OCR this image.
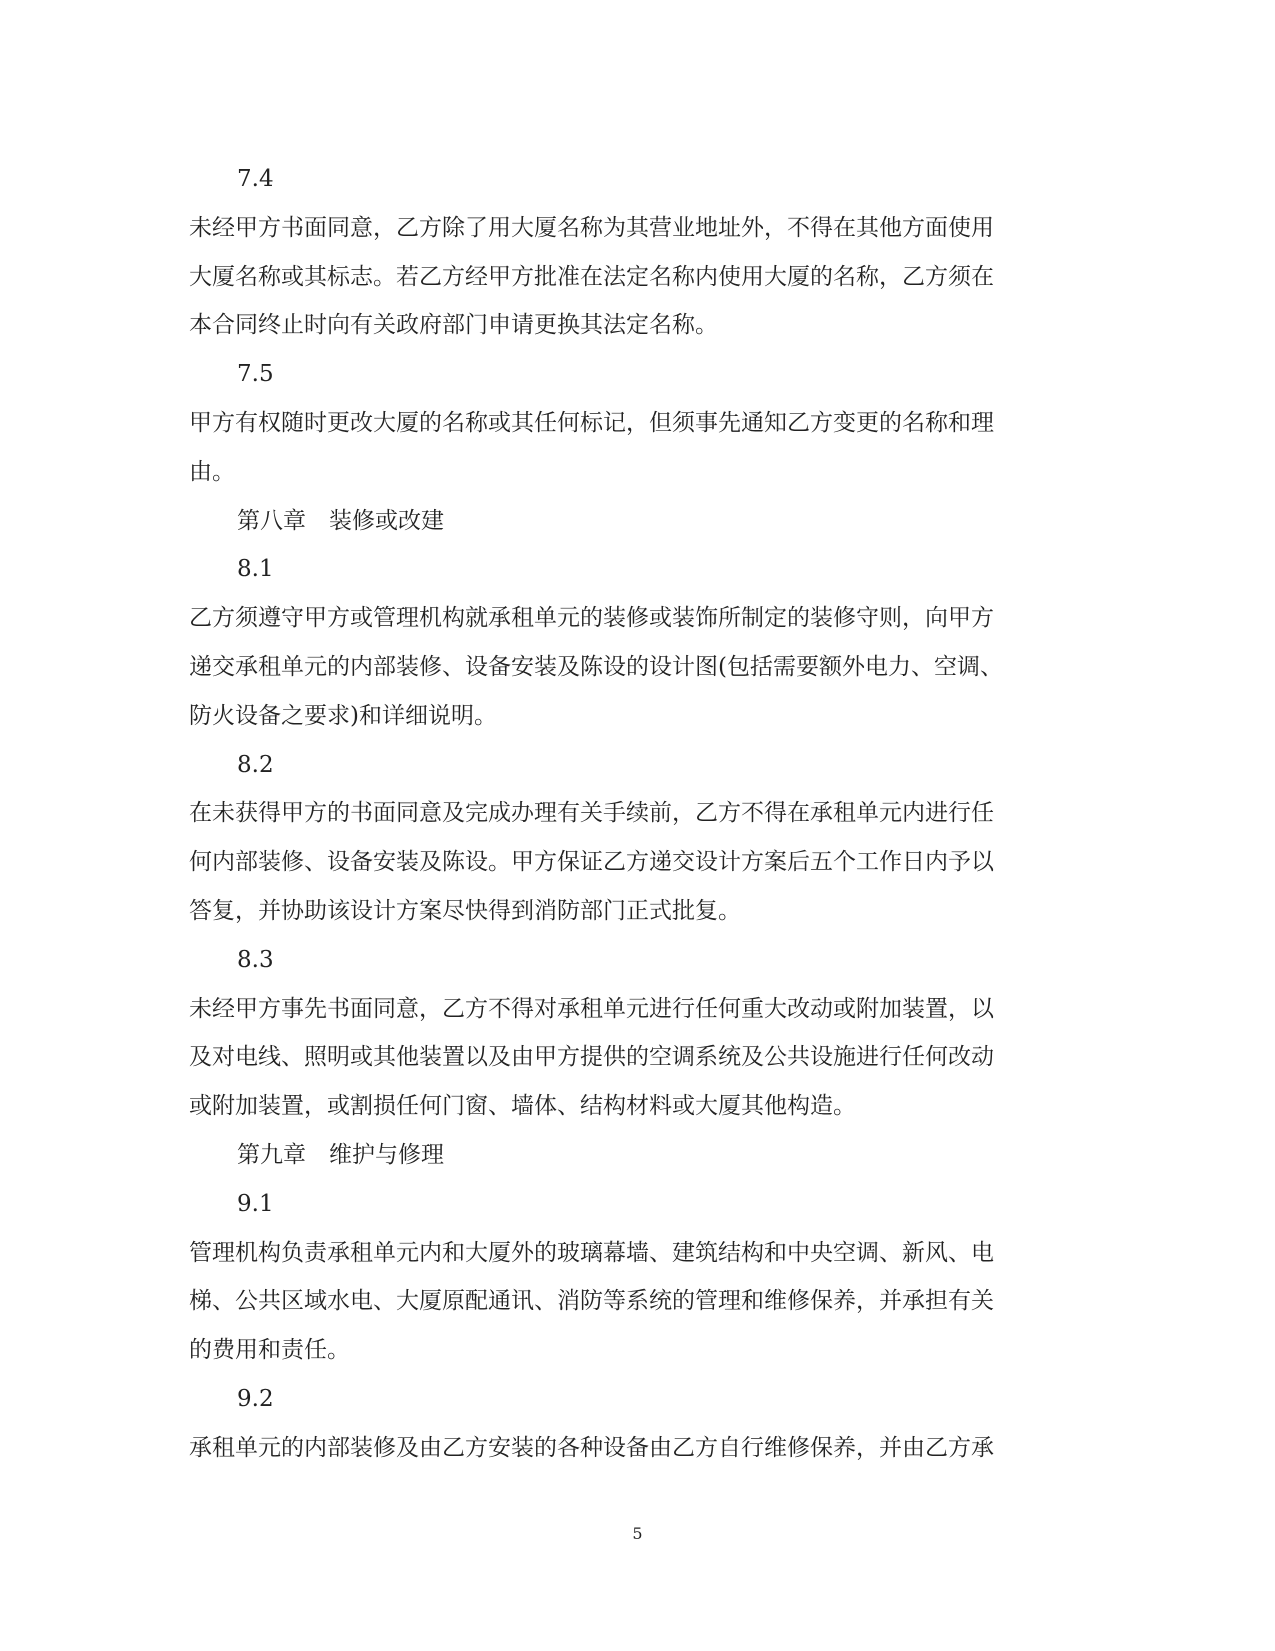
7.4
未经甲方书面同意，乙方除了用大厦名称为其营业地址外，不得在其他方面使用
大厦名称或其标志。若乙方经甲方批准在法定名称内使用大厦的名称，乙方须在
本合同终止时向有关政府部门申请更换其法定名称。
7.5
甲方有权随时更改大厦的名称或其任何标记，但须事先通知乙方变更的名称和理
由。
第八章　装修或改建
8.1
乙方须遵守甲方或管理机构就承租单元的装修或装饰所制定的装修守则，向甲方
递交承租单元的内部装修、设备安装及陈设的设计图(包括需要额外电力、空调、
防火设备之要求)和详细说明。
8.2
在未获得甲方的书面同意及完成办理有关手续前，乙方不得在承租单元内进行任
何内部装修、设备安装及陈设。甲方保证乙方递交设计方案后五个工作日内予以
答复，并协助该设计方案尽快得到消防部门正式批复。
8.3
未经甲方事先书面同意，乙方不得对承租单元进行任何重大改动或附加装置，以
及对电线、照明或其他装置以及由甲方提供的空调系统及公共设施进行任何改动
或附加装置，或割损任何门窗、墙体、结构材料或大厦其他构造。
第九章　维护与修理
9.1
管理机构负责承租单元内和大厦外的玻璃幕墙、建筑结构和中央空调、新风、电
梯、公共区域水电、大厦原配通讯、消防等系统的管理和维修保养，并承担有关
的费用和责任。
9.2
承租单元的内部装修及由乙方安装的各种设备由乙方自行维修保养，并由乙方承
5
